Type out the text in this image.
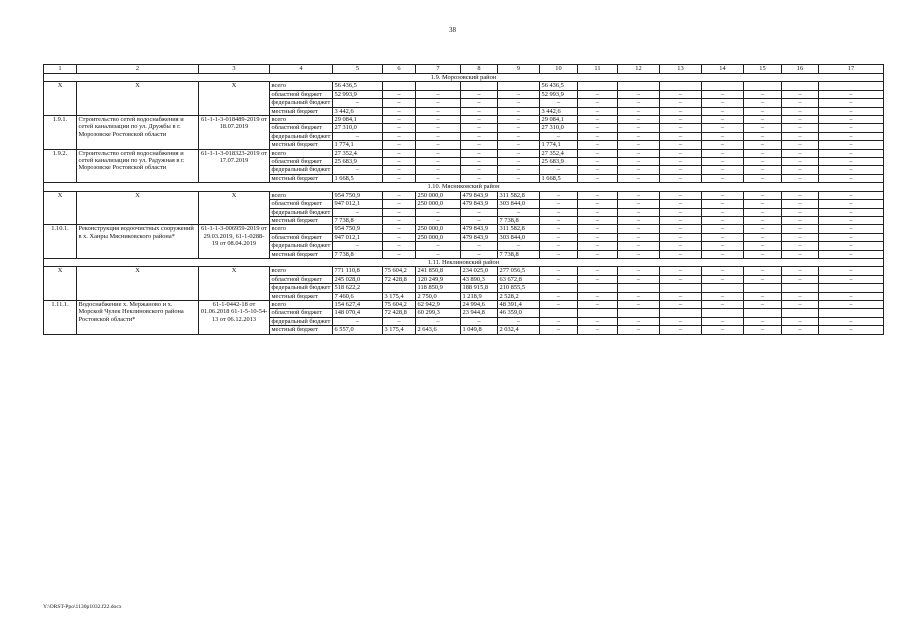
38
1	2	3	4	5	6	7	8	9	10	11	12	13	14	15	16	17
1.9. Морозовский район																
X	X	X	всего	56 436,5					56 436,5							
			областной бюджет	52 993,9	–	–	–	–	52 993,9	–	–	–	–	–	–	–
			федеральный бюджет	–	–	–	–	–	–	–	–	–	–	–	–	–
			местный бюджет	3 442,6	–	–	–	–	3 442,6	–	–	–	–	–	–	–
1.9.1.	Строительство сетей водоснабжения и сетей канализации по ул. Дружбы в г. Морозовске Ростовской области	61-1-1-3-018489-2019 от 18.07.2019	всего	29 084,1	–	–	–	–	29 084,1	–	–	–	–	–	–	–
			областной бюджет	27 310,0	–	–	–	–	27 310,0	–	–	–	–	–	–	–
			федеральный бюджет	–	–	–	–	–	–	–	–	–	–	–	–	–
			местный бюджет	1 774,1	–	–	–	–	1 774,1	–	–	–	–	–	–	–
1.9.2.	Строительство сетей водоснабжения и сетей канализации по ул. Радужная в г. Морозовске Ростовской области	61-1-1-3-018323-2019 от 17.07.2019	всего	27 352,4	–	–	–	–	27 352,4	–	–	–	–	–	–	–
			областной бюджет	25 683,9	–	–	–	–	25 683,9	–	–	–	–	–	–	–
			федеральный бюджет	–	–	–	–	–	–	–	–	–	–	–	–	–
			местный бюджет	1 668,5	–	–	–	–	1 668,5	–	–	–	–	–	–	–
1.10. Мясниковский район																
X	X	X	всего	954 750,9	–	250 000,0	479 843,9	311 582,8	–	–	–	–	–	–	–	–
			областной бюджет	947 012,1	–	250 000,0	479 843,9	303 844,0	–	–	–	–	–	–	–	–
			федеральный бюджет	–	–	–	–	–	–	–	–	–	–	–	–	–
			местный бюджет	7 738,8	–	–	–	7 738,8	–	–	–	–	–	–	–	–
1.10.1.	Реконструкция водоочистных сооружений в х. Ханры Мясниковского района*	61-1-1-3-006959-2019 от 29.03.2019, 61-1-0288-19 от 08.04.2019	всего	954 750,9	–	250 000,0	479 843,9	311 582,8	–	–	–	–	–	–	–	–
			областной бюджет	947 012,1	–	250 000,0	479 843,9	303 844,0	–	–	–	–	–	–	–	–
			федеральный бюджет	–	–	–	–	–	–	–	–	–	–	–	–	–
			местный бюджет	7 738,8	–	–	–	7 738,8	–	–	–	–	–	–	–	–
1.11. Неклиновский район																
X	X	X	всего	771 110,8	75 604,2	241 850,8	234 025,0	277 056,5	–	–	–	–	–	–	–	–
			областной бюджет	245 028,0	72 428,8	120 249,9	43 890,3	63 672,8	–	–	–	–	–	–	–	–
			федеральный бюджет	518 622,2		118 850,9	188 915,8	210 855,5								
			местный бюджет	7 460,6	3 175,4	2 750,0	1 218,9	2 528,2	–	–	–	–	–	–	–	–
1.11.1.	Водоснабжение х. Мержаново и х. Морской Чулек Неклиновского района Ростовской области*	61-1-0442-18 от 01.06.2018 61-1-5-10-54-13 от 06.12.2013	всего	154 627,4	75 604,2	62 942,9	24 994,6	48 391,4	–	–	–	–	–	–	–	–
			областной бюджет	148 070,4	72 428,8	60 299,3	23 944,8	46 359,0								
			федеральный бюджет	–	–	–	–	–	–	–	–	–	–	–	–	–
			местный бюджет	6 557,0	3 175,4	2 643,6	1 049,8	2 032,4	–	–	–	–	–	–	–	–
Y:\ORST-Ppo\1130p1032.f22.docx
